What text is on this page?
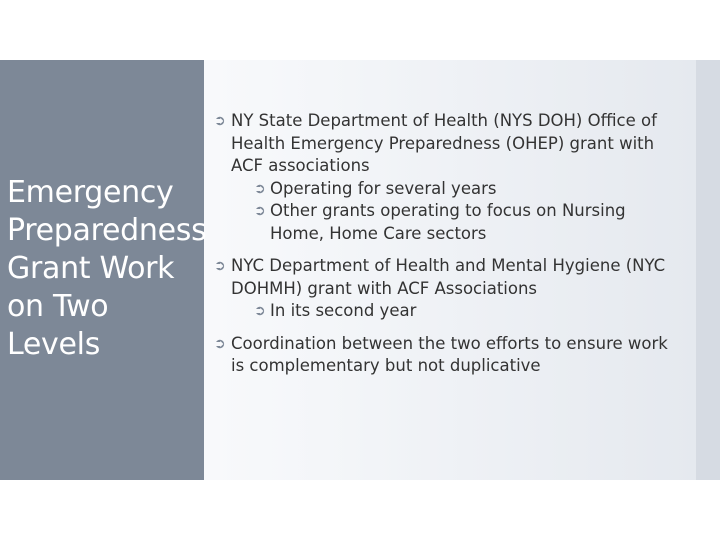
Emergency
Preparedness
Grant Work
on Two
Levels

➲ NY State Department of Health (NYS DOH) Office of Health Emergency Preparedness (OHEP) grant with ACF associations

➲ Operating for several years

➲ Other grants operating to focus on Nursing Home, Home Care sectors

➲ NYC Department of Health and Mental Hygiene (NYC DOHMH) grant with ACF Associations

➲ In its second year

➲ Coordination between the two efforts to ensure work is complementary but not duplicative
